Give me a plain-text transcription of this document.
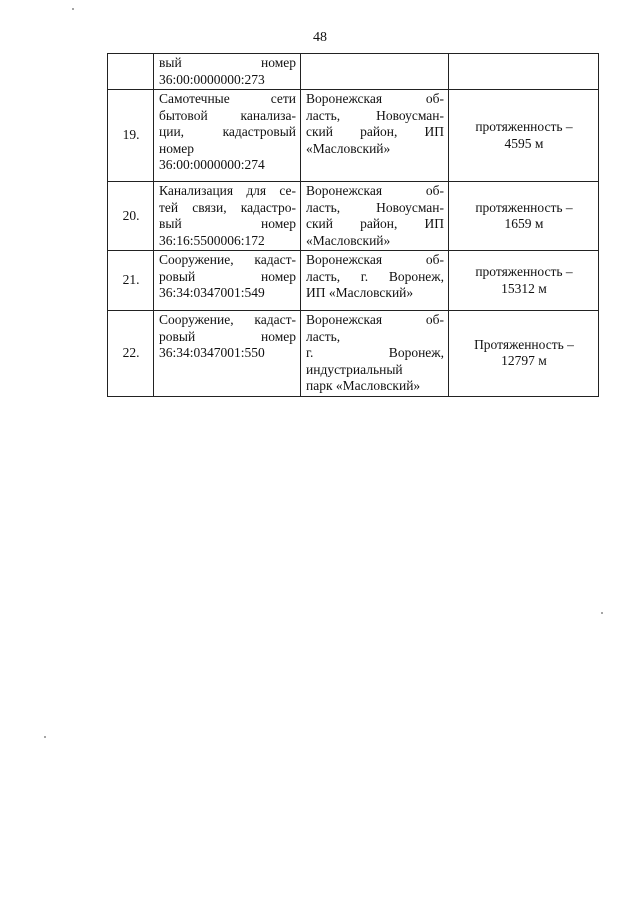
48

	вый номер
36:00:0000000:273		

19.	Самотечные сети
бытовой канализа-
ции, кадастровый
номер
36:00:0000000:274	Воронежская об-
ласть, Новоусман-
ский район, ИП
«Масловский»	протяженность –
4595 м

20.	Канализация для се-
тей связи, кадастро-
вый номер
36:16:5500006:172	Воронежская об-
ласть, Новоусман-
ский район, ИП
«Масловский»	протяженность –
1659 м

21.	Сооружение, кадаст-
ровый номер
36:34:0347001:549	Воронежская об-
ласть, г. Воронеж,
ИП «Масловский»	протяженность –
15312 м

22.	Сооружение, кадаст-
ровый номер
36:34:0347001:550	Воронежская об-
ласть,
г. Воронеж,
индустриальный
парк «Масловский»	Протяженность –
12797 м
